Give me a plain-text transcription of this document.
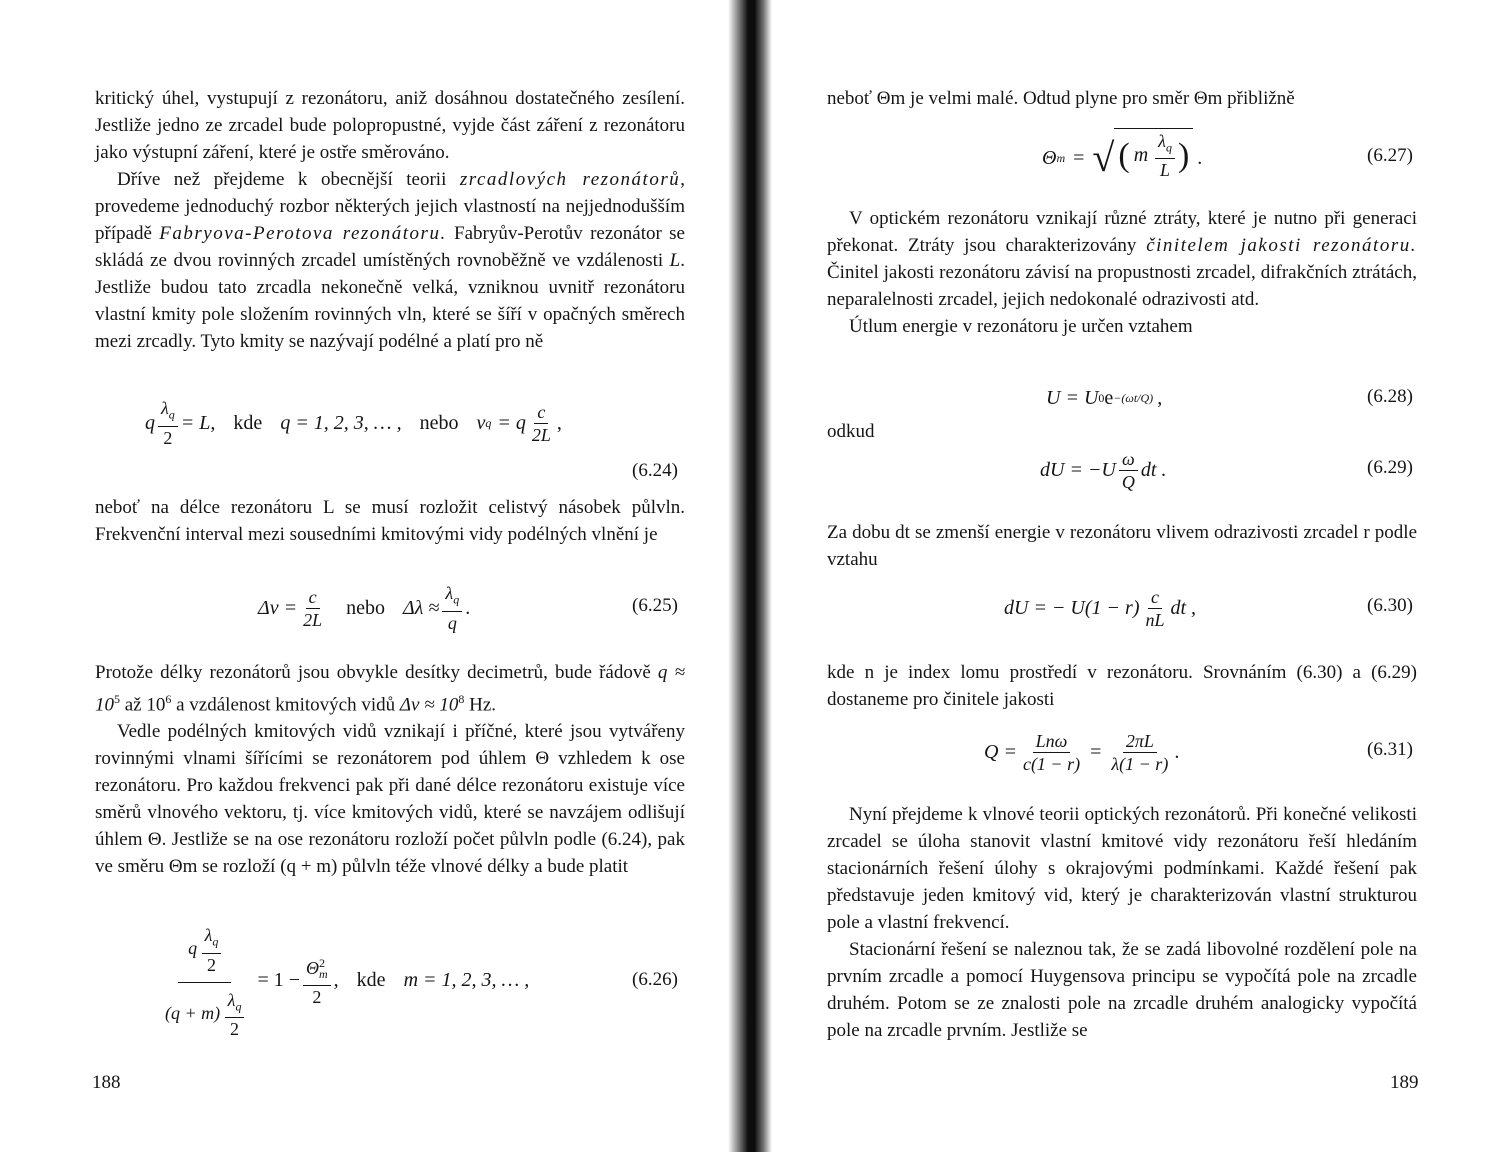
kritický úhel, vystupují z rezonátoru, aniž dosáhnou dostatečného zesílení. Jestliže jedno ze zrcadel bude polopropustné, vyjde část záření z rezonátoru jako výstupní záření, které je ostře směrováno.

Dříve než přejdeme k obecnější teorii zrcadlových rezonátorů, provedeme jednoduchý rozbor některých jejich vlastností na nejjednodušším případě Fabryova-Perotova rezonátoru. Fabryův-Perotův rezonátor se skládá ze dvou rovinných zrcadel umístěných rovnoběžně ve vzdálenosti L. Jestliže budou tato zrcadla nekonečně velká, vzniknou uvnitř rezonátoru vlastní kmity pole složením rovinných vln, které se šíří v opačných směrech mezi zrcadly. Tyto kmity se nazývají podélné a platí pro ně

q $\frac{\lambda_q}{2} = L$, kde q = 1, 2, 3, … , nebo ν q = q $\frac{c}{2L}$ ,
(6.24)

neboť na délce rezonátoru L se musí rozložit celistvý násobek půlvln. Frekvenční interval mezi sousedními kmitovými vidy podélných vlnění je

$\Delta\nu = \frac{c}{2L}$ nebo $\Delta\lambda \approx \frac{\lambda_q}{q}$ .	(6.25)

Protože délky rezonátorů jsou obvykle desítky decimetrů, bude řádově $q \approx 10^5$ až $10^6$ a vzdálenost kmitových vidů $\Delta\nu \approx 10^8$ Hz.

Vedle podélných kmitových vidů vznikají i příčné, které jsou vytvářeny rovinnými vlnami šířícími se rezonátorem pod úhlem Θ vzhledem k ose rezonátoru. Pro každou frekvenci pak při dané délce rezonátoru existuje více směrů vlnového vektoru, tj. více kmitových vidů, které se navzájem odlišují úhlem Θ. Jestliže se na ose rezonátoru rozloží počet půlvln podle (6.24), pak ve směru Θm se rozloží (q + m) půlvln téže vlnové délky a bude platit

$\frac{q \frac{\lambda_q}{2}}{(q + m) \frac{\lambda_q}{2}} = 1 - \frac{\Theta^2_m}{2}$ , kde m = 1, 2, 3, … ,	(6.26)
188

neboť Θm je velmi malé. Odtud plyne pro směr Θm přibližně

Θ m = √ ( m $\frac{\lambda_q}{L}$ ) .	(6.27)

V optickém rezonátoru vznikají různé ztráty, které je nutno při generaci překonat. Ztráty jsou charakterizovány činitelem jakosti rezonátoru. Činitel jakosti rezonátoru závisí na propustnosti zrcadel, difrakčních ztrátách, neparalelnosti zrcadel, jejich nedokonalé odrazivosti atd.

Útlum energie v rezonátoru je určen vztahem

U = U 0 e −(ωt/Q) ,	(6.28)

odkud

dU = $-U \frac{\omega}{Q}$ dt .	(6.29)

Za dobu dt se zmenší energie v rezonátoru vlivem odrazivosti zrcadel r podle vztahu

dU = − $U(1 - r) \frac{c}{nL}$ dt ,	(6.30)

kde n je index lomu prostředí v rezonátoru. Srovnáním (6.30) a (6.29) dostaneme pro činitele jakosti

$Q = \frac{\text{Lnω}}{c(1 - r)} = \frac{2\pi L}{\lambda(1 - r)}$ .	(6.31)

Nyní přejdeme k vlnové teorii optických rezonátorů. Při konečné velikosti zrcadel se úloha stanovit vlastní kmitové vidy rezonátoru řeší hledáním stacionárních řešení úlohy s okrajovými podmínkami. Každé řešení pak představuje jeden kmitový vid, který je charakterizován vlastní strukturou pole a vlastní frekvencí.

Stacionární řešení se naleznou tak, že se zadá libovolné rozdělení pole na prvním zrcadle a pomocí Huygensova principu se vypočítá pole na zrcadle druhém. Potom se ze znalosti pole na zrcadle druhém analogicky vypočítá pole na zrcadle prvním. Jestliže se

189
